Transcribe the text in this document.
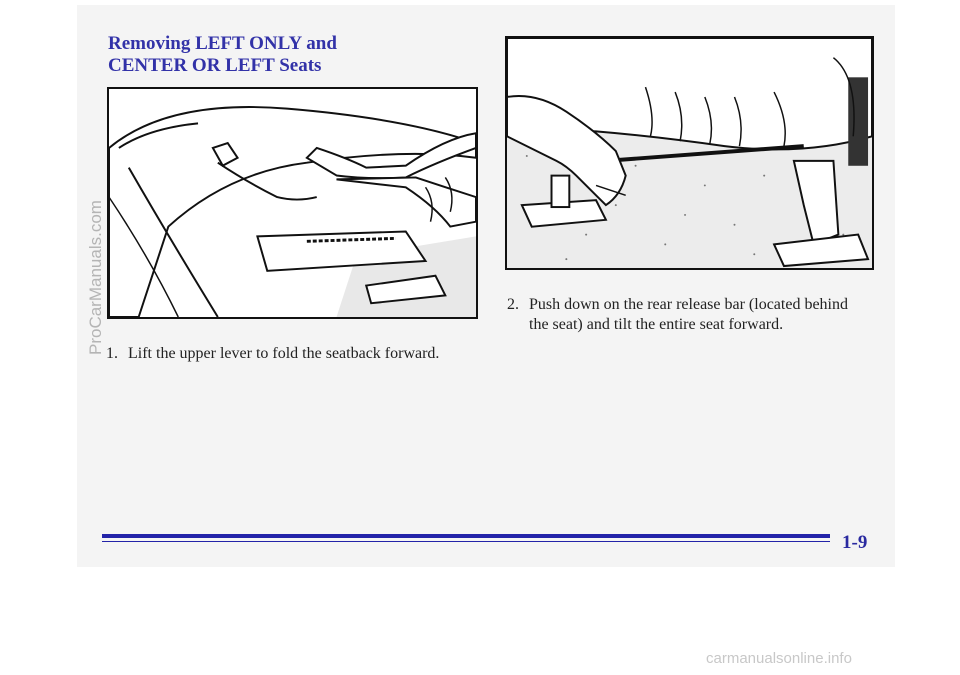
Removing LEFT ONLY and
CENTER OR LEFT Seats

1. Lift the upper lever to fold the seatback forward.

2. Push down on the rear release bar (located behind
the seat) and tilt the entire seat forward.

1-9
ProCarManuals.com
carmanualsonline.info
